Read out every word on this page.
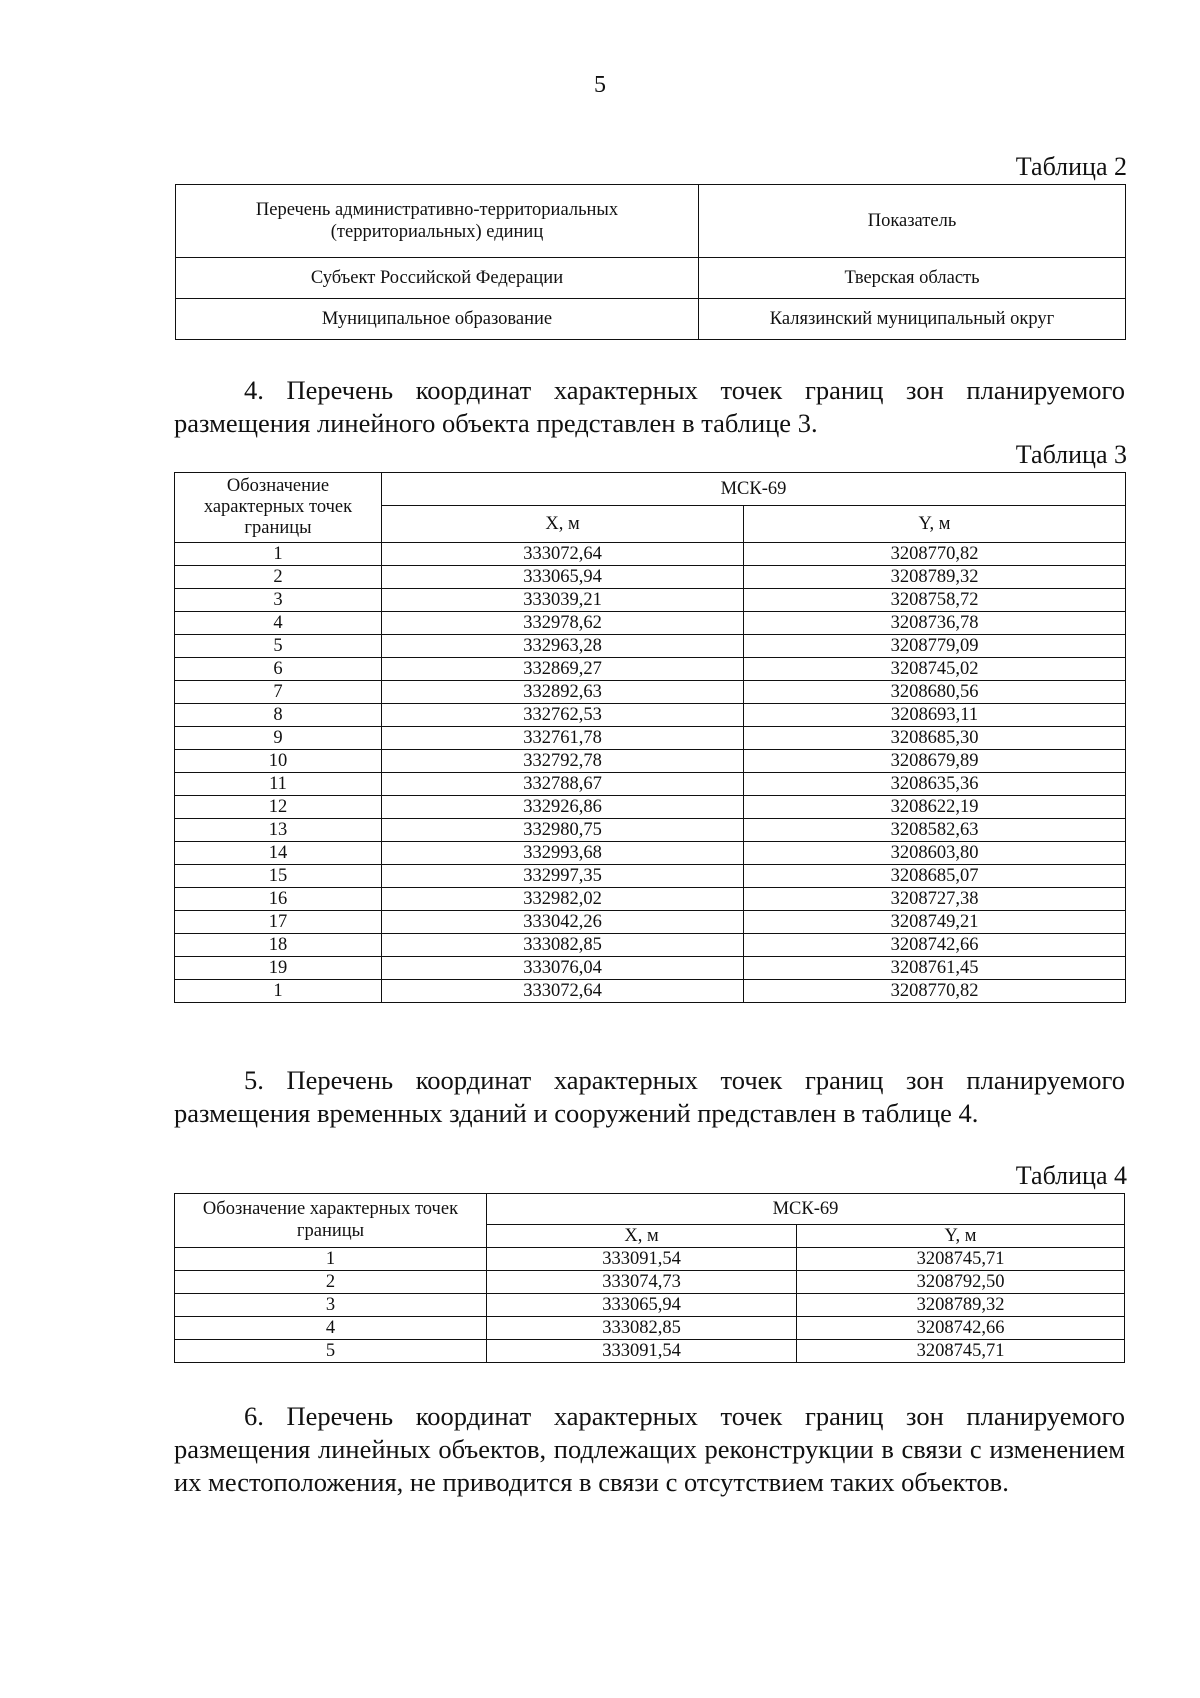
5
Таблица 2
Перечень административно-территориальных
(территориальных) единиц	Показатель
Субъект Российской Федерации	Тверская область
Муниципальное образование	Калязинский муниципальный округ

4. Перечень координат характерных точек границ зон планируемого размещения линейного объекта представлен в таблице 3.

Таблица 3
Обозначение
характерных точек
границы	МСК-69	
	X, м	Y, м
1	333072,64	3208770,82
2	333065,94	3208789,32
3	333039,21	3208758,72
4	332978,62	3208736,78
5	332963,28	3208779,09
6	332869,27	3208745,02
7	332892,63	3208680,56
8	332762,53	3208693,11
9	332761,78	3208685,30
10	332792,78	3208679,89
11	332788,67	3208635,36
12	332926,86	3208622,19
13	332980,75	3208582,63
14	332993,68	3208603,80
15	332997,35	3208685,07
16	332982,02	3208727,38
17	333042,26	3208749,21
18	333082,85	3208742,66
19	333076,04	3208761,45
1	333072,64	3208770,82

5. Перечень координат характерных точек границ зон планируемого размещения временных зданий и сооружений представлен в таблице 4.

Таблица 4
Обозначение характерных точек
границы	МСК-69	
	X, м	Y, м
1	333091,54	3208745,71
2	333074,73	3208792,50
3	333065,94	3208789,32
4	333082,85	3208742,66
5	333091,54	3208745,71

6. Перечень координат характерных точек границ зон планируемого размещения линейных объектов, подлежащих реконструкции в связи с изменением их местоположения, не приводится в связи с отсутствием таких объектов.
